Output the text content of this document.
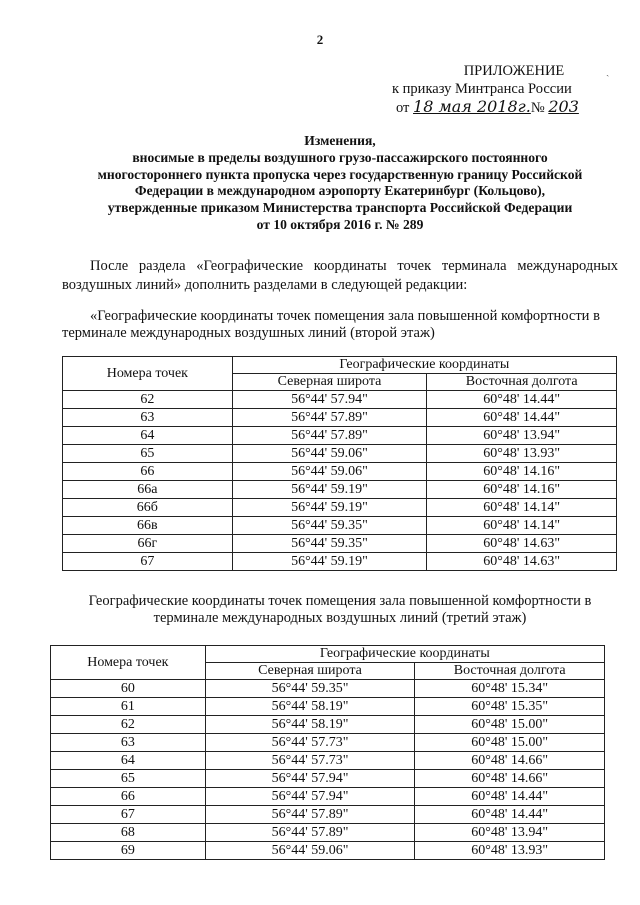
2
ПРИЛОЖЕНИЕ
к приказу Минтранса России
от 18 мая 2018г.№ 203
ˏ
Изменения,
вносимые в пределы воздушного грузо-пассажирского постоянного
многостороннего пункта пропуска через государственную границу Российской
Федерации в международном аэропорту Екатеринбург (Кольцово),
утвержденные приказом Министерства транспорта Российской Федерации
от 10 октября 2016 г. № 289
После раздела «Географические координаты точек терминала международных воздушных линий» дополнить разделами в следующей редакции:
«Географические координаты точек помещения зала повышенной комфортности в терминале международных воздушных линий (второй этаж)
Номера точек	Географические координаты	
	Северная широта	Восточная долгота
62	56°44' 57.94"	60°48' 14.44"
63	56°44' 57.89"	60°48' 14.44"
64	56°44' 57.89"	60°48' 13.94"
65	56°44' 59.06"	60°48' 13.93"
66	56°44' 59.06"	60°48' 14.16"
66а	56°44' 59.19"	60°48' 14.16"
66б	56°44' 59.19"	60°48' 14.14"
66в	56°44' 59.35"	60°48' 14.14"
66г	56°44' 59.35"	60°48' 14.63"
67	56°44' 59.19"	60°48' 14.63"
Географические координаты точек помещения зала повышенной комфортности в терминале международных воздушных линий (третий этаж)
Номера точек	Географические координаты	
	Северная широта	Восточная долгота
60	56°44' 59.35"	60°48' 15.34"
61	56°44' 58.19"	60°48' 15.35"
62	56°44' 58.19"	60°48' 15.00"
63	56°44' 57.73"	60°48' 15.00"
64	56°44' 57.73"	60°48' 14.66"
65	56°44' 57.94"	60°48' 14.66"
66	56°44' 57.94"	60°48' 14.44"
67	56°44' 57.89"	60°48' 14.44"
68	56°44' 57.89"	60°48' 13.94"
69	56°44' 59.06"	60°48' 13.93"
